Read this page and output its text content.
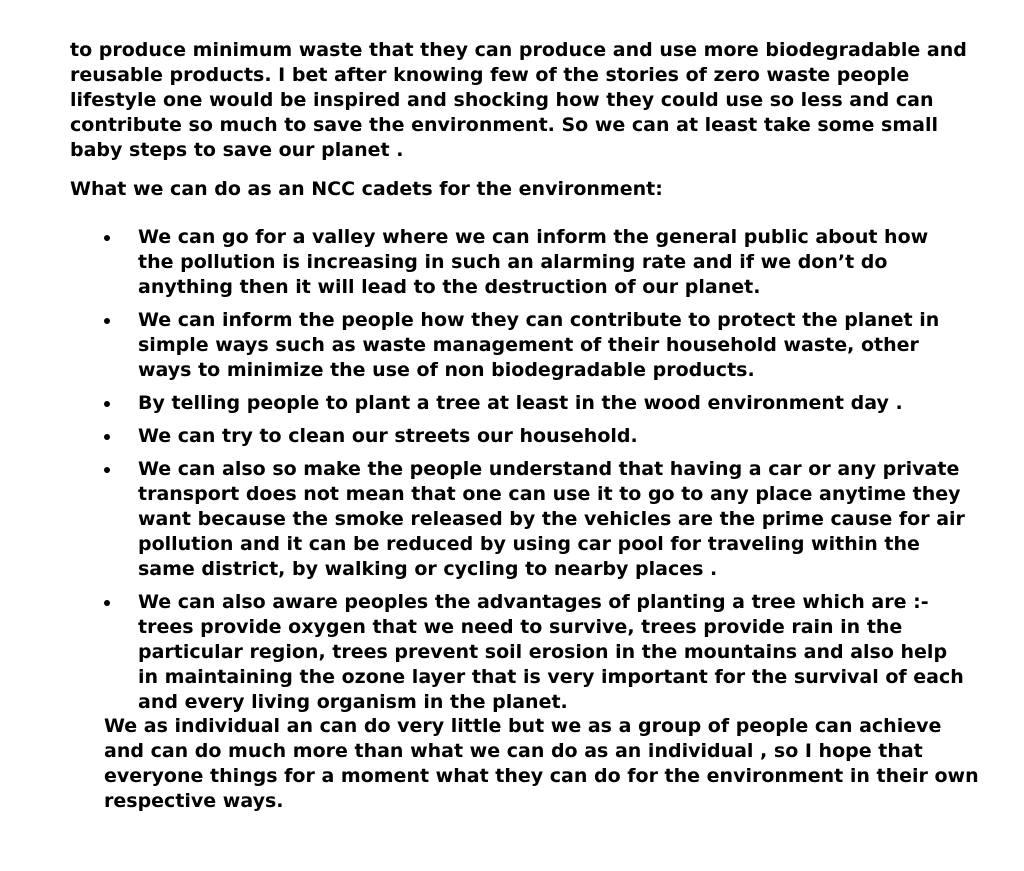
to produce minimum waste that they can produce and use more biodegradable and reusable products. I bet after knowing few of the stories of zero waste people lifestyle one would be inspired and shocking how they could use so less and can contribute so much to save the environment. So we can at least take some small baby steps to save our planet .

What we can do as an NCC cadets for the environment:

We can go for a valley where we can inform the general public about how the pollution is increasing in such an alarming rate and if we don’t do anything then it will lead to the destruction of our planet.
We can inform the people how they can contribute to protect the planet in simple ways such as waste management of their household waste, other ways to minimize the use of non biodegradable products.
By telling people to plant a tree at least in the wood environment day .
We can try to clean our streets our household.
We can also so make the people understand that having a car or any private transport does not mean that one can use it to go to any place anytime they want because the smoke released by the vehicles are the prime cause for air pollution and it can be reduced by using car pool for traveling within the same district, by walking or cycling to nearby places .
We can also aware peoples the advantages of planting a tree which are :- trees provide oxygen that we need to survive, trees provide rain in the particular region, trees prevent soil erosion in the mountains and also help in maintaining the ozone layer that is very important for the survival of each and every living organism in the planet.

We as individual an can do very little but we as a group of people can achieve and can do much more than what we can do as an individual , so I hope that everyone things for a moment what they can do for the environment in their own respective ways.
